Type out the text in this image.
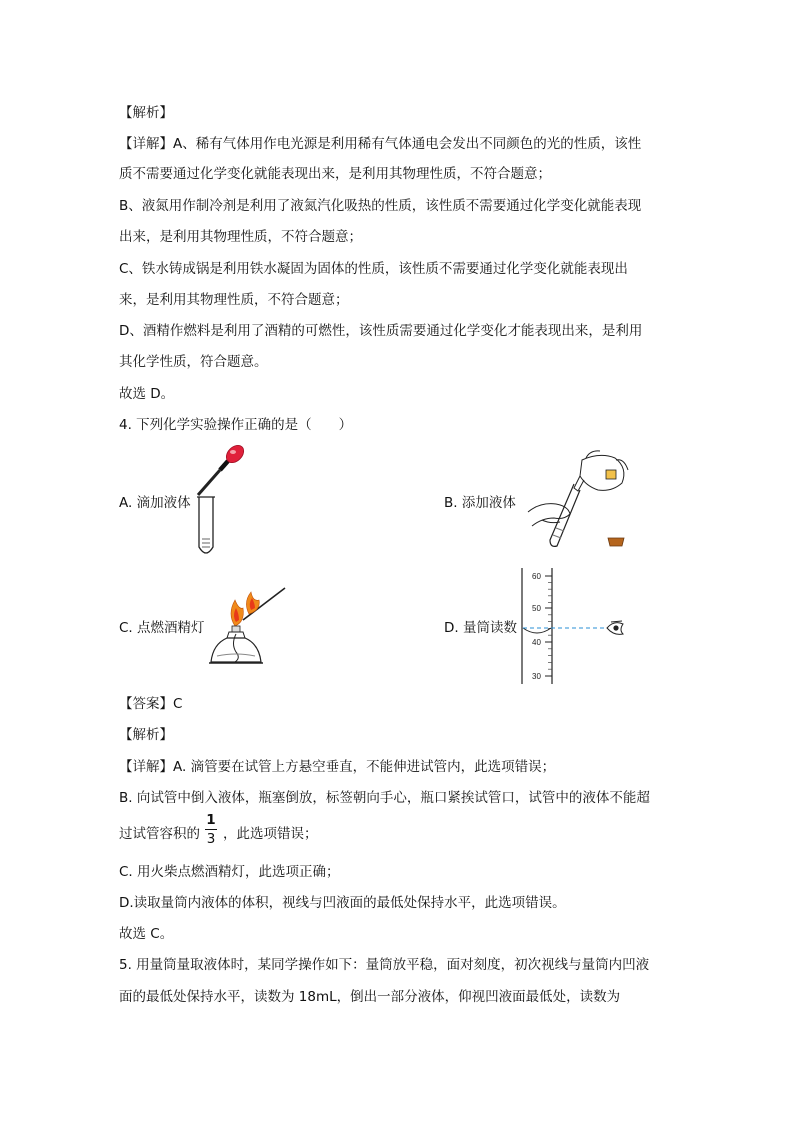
【解析】
【详解】A、稀有气体用作电光源是利用稀有气体通电会发出不同颜色的光的性质，该性
质不需要通过化学变化就能表现出来，是利用其物理性质，不符合题意；
B、液氮用作制冷剂是利用了液氮汽化吸热的性质，该性质不需要通过化学变化就能表现
出来，是利用其物理性质，不符合题意；
C、铁水铸成锅是利用铁水凝固为固体的性质，该性质不需要通过化学变化就能表现出
来，是利用其物理性质，不符合题意；
D、酒精作燃料是利用了酒精的可燃性，该性质需要通过化学变化才能表现出来，是利用
其化学性质，符合题意。
故选 D。
4. 下列化学实验操作正确的是（　　）
A. 滴加液体	B. 添加液体
C. 点燃酒精灯	D. 量筒读数
60
50
40
30
【答案】C
【解析】
【详解】A. 滴管要在试管上方悬空垂直，不能伸进试管内，此选项错误；
B. 向试管中倒入液体，瓶塞倒放，标签朝向手心，瓶口紧挨试管口，试管中的液体不能超
过试管容积的
1
3 ，此选项错误；
C. 用火柴点燃酒精灯，此选项正确；
D.读取量筒内液体的体积，视线与凹液面的最低处保持水平，此选项错误。
故选 C。
5. 用量筒量取液体时，某同学操作如下：量筒放平稳，面对刻度，初次视线与量筒内凹液
面的最低处保持水平，读数为 18mL，倒出一部分液体，仰视凹液面最低处，读数为
